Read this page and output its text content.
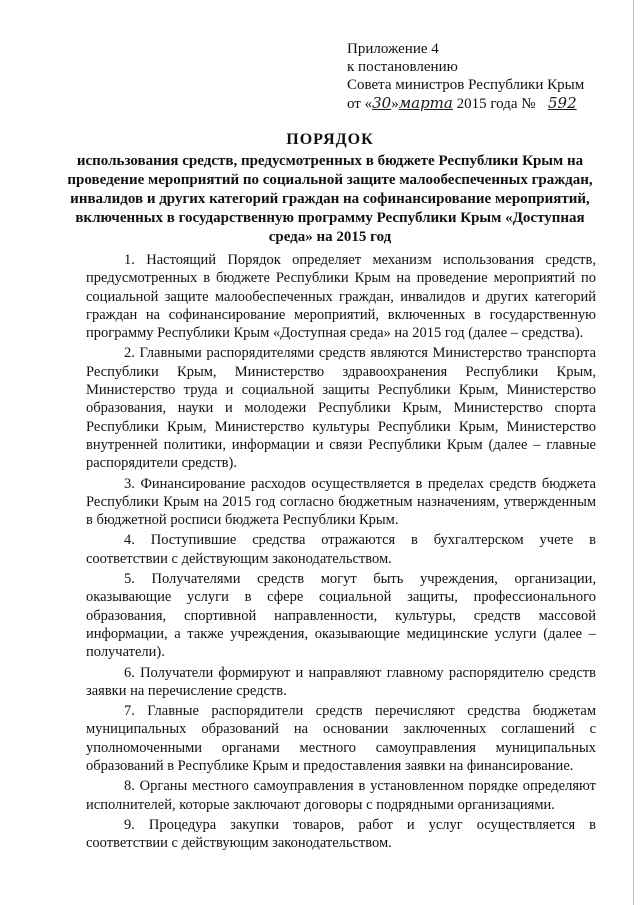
Приложение 4
к постановлению
Совета министров Республики Крым
от «30»марта 2015 года № 592
ПОРЯДОК
использования средств, предусмотренных в бюджете Республики Крым на проведение мероприятий по социальной защите малообеспеченных граждан, инвалидов и других категорий граждан на софинансирование мероприятий, включенных в государственную программу Республики Крым «Доступная среда» на 2015 год

1. Настоящий Порядок определяет механизм использования средств, предусмотренных в бюджете Республики Крым на проведение мероприятий по социальной защите малообеспеченных граждан, инвалидов и других категорий граждан на софинансирование мероприятий, включенных в государственную программу Республики Крым «Доступная среда» на 2015 год (далее – средства).

2. Главными распорядителями средств являются Министерство транспорта Республики Крым, Министерство здравоохранения Республики Крым, Министерство труда и социальной защиты Республики Крым, Министерство образования, науки и молодежи Республики Крым, Министерство спорта Республики Крым, Министерство культуры Республики Крым, Министерство внутренней политики, информации и связи Республики Крым (далее – главные распорядители средств).

3. Финансирование расходов осуществляется в пределах средств бюджета Республики Крым на 2015 год согласно бюджетным назначениям, утвержденным в бюджетной росписи бюджета Республики Крым.

4. Поступившие средства отражаются в бухгалтерском учете в соответствии с действующим законодательством.

5. Получателями средств могут быть учреждения, организации, оказывающие услуги в сфере социальной защиты, профессионального образования, спортивной направленности, культуры, средств массовой информации, а также учреждения, оказывающие медицинские услуги (далее – получатели).

6. Получатели формируют и направляют главному распорядителю средств заявки на перечисление средств.

7. Главные распорядители средств перечисляют средства бюджетам муниципальных образований на основании заключенных соглашений с уполномоченными органами местного самоуправления муниципальных образований в Республике Крым и предоставления заявки на финансирование.

8. Органы местного самоуправления в установленном порядке определяют исполнителей, которые заключают договоры с подрядными организациями.

9. Процедура закупки товаров, работ и услуг осуществляется в соответствии с действующим законодательством.
